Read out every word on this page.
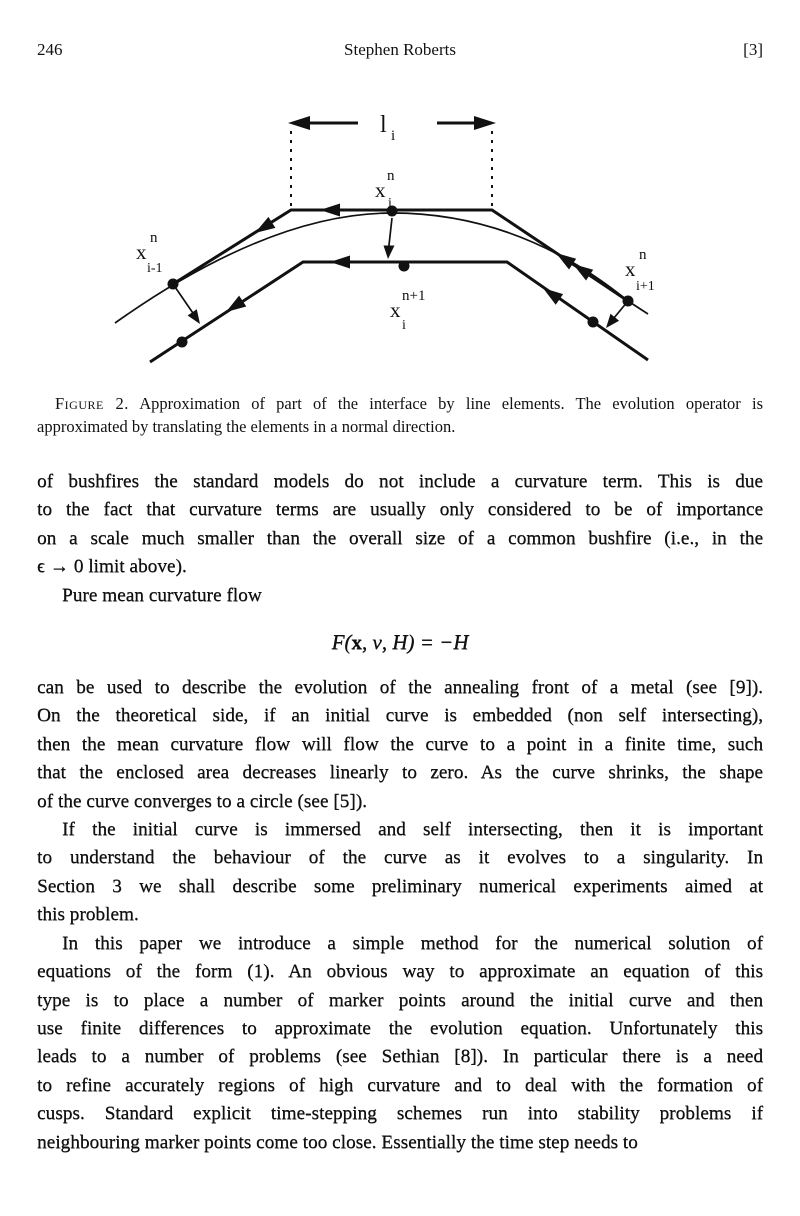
246	Stephen Roberts	[3]
l i
x
n
i
x
n
i-1	x
n
i+1
x
n+1
i
Figure 2. Approximation of part of the interface by line elements. The evolution operator is
approximated by translating the elements in a normal direction.
of bushfires the standard models do not include a curvature term. This is due
to the fact that curvature terms are usually only considered to be of importance
on a scale much smaller than the overall size of a common bushfire (i.e., in the
ϵ → 0 limit above).
Pure mean curvature flow
F( x , ν, H) = −H
can be used to describe the evolution of the annealing front of a metal (see [9]).
On the theoretical side, if an initial curve is embedded (non self intersecting),
then the mean curvature flow will flow the curve to a point in a finite time, such
that the enclosed area decreases linearly to zero. As the curve shrinks, the shape
of the curve converges to a circle (see [5]).
If the initial curve is immersed and self intersecting, then it is important
to understand the behaviour of the curve as it evolves to a singularity. In
Section 3 we shall describe some preliminary numerical experiments aimed at
this problem.
In this paper we introduce a simple method for the numerical solution of
equations of the form (1). An obvious way to approximate an equation of this
type is to place a number of marker points around the initial curve and then
use finite differences to approximate the evolution equation. Unfortunately this
leads to a number of problems (see Sethian [8]). In particular there is a need
to refine accurately regions of high curvature and to deal with the formation of
cusps. Standard explicit time-stepping schemes run into stability problems if
neighbouring marker points come too close. Essentially the time step needs to
